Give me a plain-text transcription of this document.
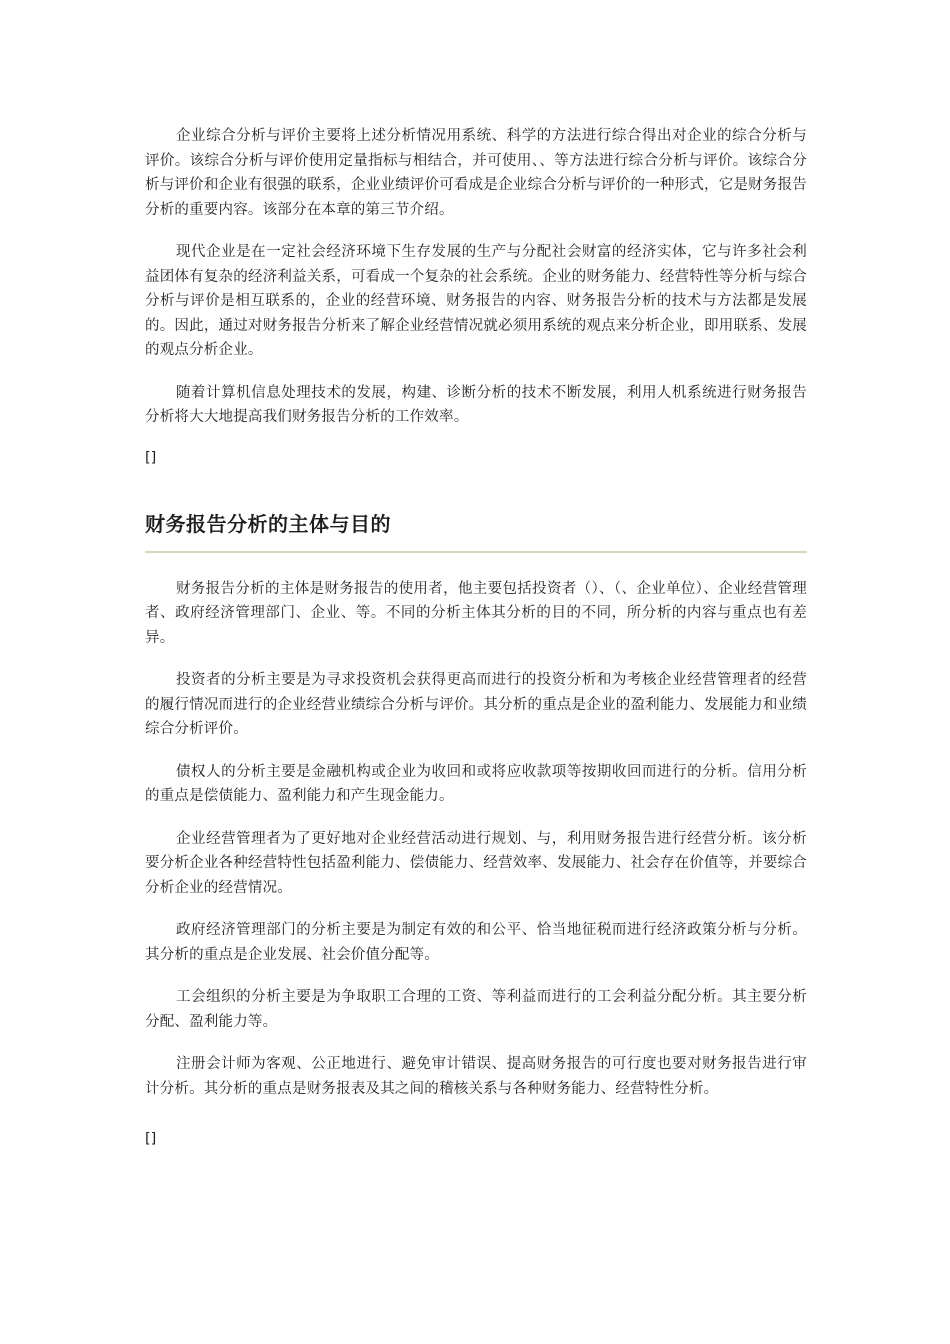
企业综合分析与评价主要将上述分析情况用系统、科学的方法进行综合得出对企业的综合分析与评价。该综合分析与评价使用定量指标与相结合，并可使用、、等方法进行综合分析与评价。该综合分析与评价和企业有很强的联系，企业业绩评价可看成是企业综合分析与评价的一种形式，它是财务报告分析的重要内容。该部分在本章的第三节介绍。

现代企业是在一定社会经济环境下生存发展的生产与分配社会财富的经济实体，它与许多社会利益团体有复杂的经济利益关系，可看成一个复杂的社会系统。企业的财务能力、经营特性等分析与综合分析与评价是相互联系的，企业的经营环境、财务报告的内容、财务报告分析的技术与方法都是发展的。因此，通过对财务报告分析来了解企业经营情况就必须用系统的观点来分析企业，即用联系、发展的观点分析企业。

随着计算机信息处理技术的发展，构建、诊断分析的技术不断发展，利用人机系统进行财务报告分析将大大地提高我们财务报告分析的工作效率。

[]

财务报告分析的主体与目的

财务报告分析的主体是财务报告的使用者，他主要包括投资者（）、（、企业单位）、企业经营管理者、政府经济管理部门、企业、等。不同的分析主体其分析的目的不同，所分析的内容与重点也有差异。

投资者的分析主要是为寻求投资机会获得更高而进行的投资分析和为考核企业经营管理者的经营的履行情况而进行的企业经营业绩综合分析与评价。其分析的重点是企业的盈利能力、发展能力和业绩综合分析评价。

债权人的分析主要是金融机构或企业为收回和或将应收款项等按期收回而进行的分析。信用分析的重点是偿债能力、盈利能力和产生现金能力。

企业经营管理者为了更好地对企业经营活动进行规划、与，利用财务报告进行经营分析。该分析要分析企业各种经营特性包括盈利能力、偿债能力、经营效率、发展能力、社会存在价值等，并要综合分析企业的经营情况。

政府经济管理部门的分析主要是为制定有效的和公平、恰当地征税而进行经济政策分析与分析。其分析的重点是企业发展、社会价值分配等。

工会组织的分析主要是为争取职工合理的工资、等利益而进行的工会利益分配分析。其主要分析分配、盈利能力等。

注册会计师为客观、公正地进行、避免审计错误、提高财务报告的可行度也要对财务报告进行审计分析。其分析的重点是财务报表及其之间的稽核关系与各种财务能力、经营特性分析。

[]
